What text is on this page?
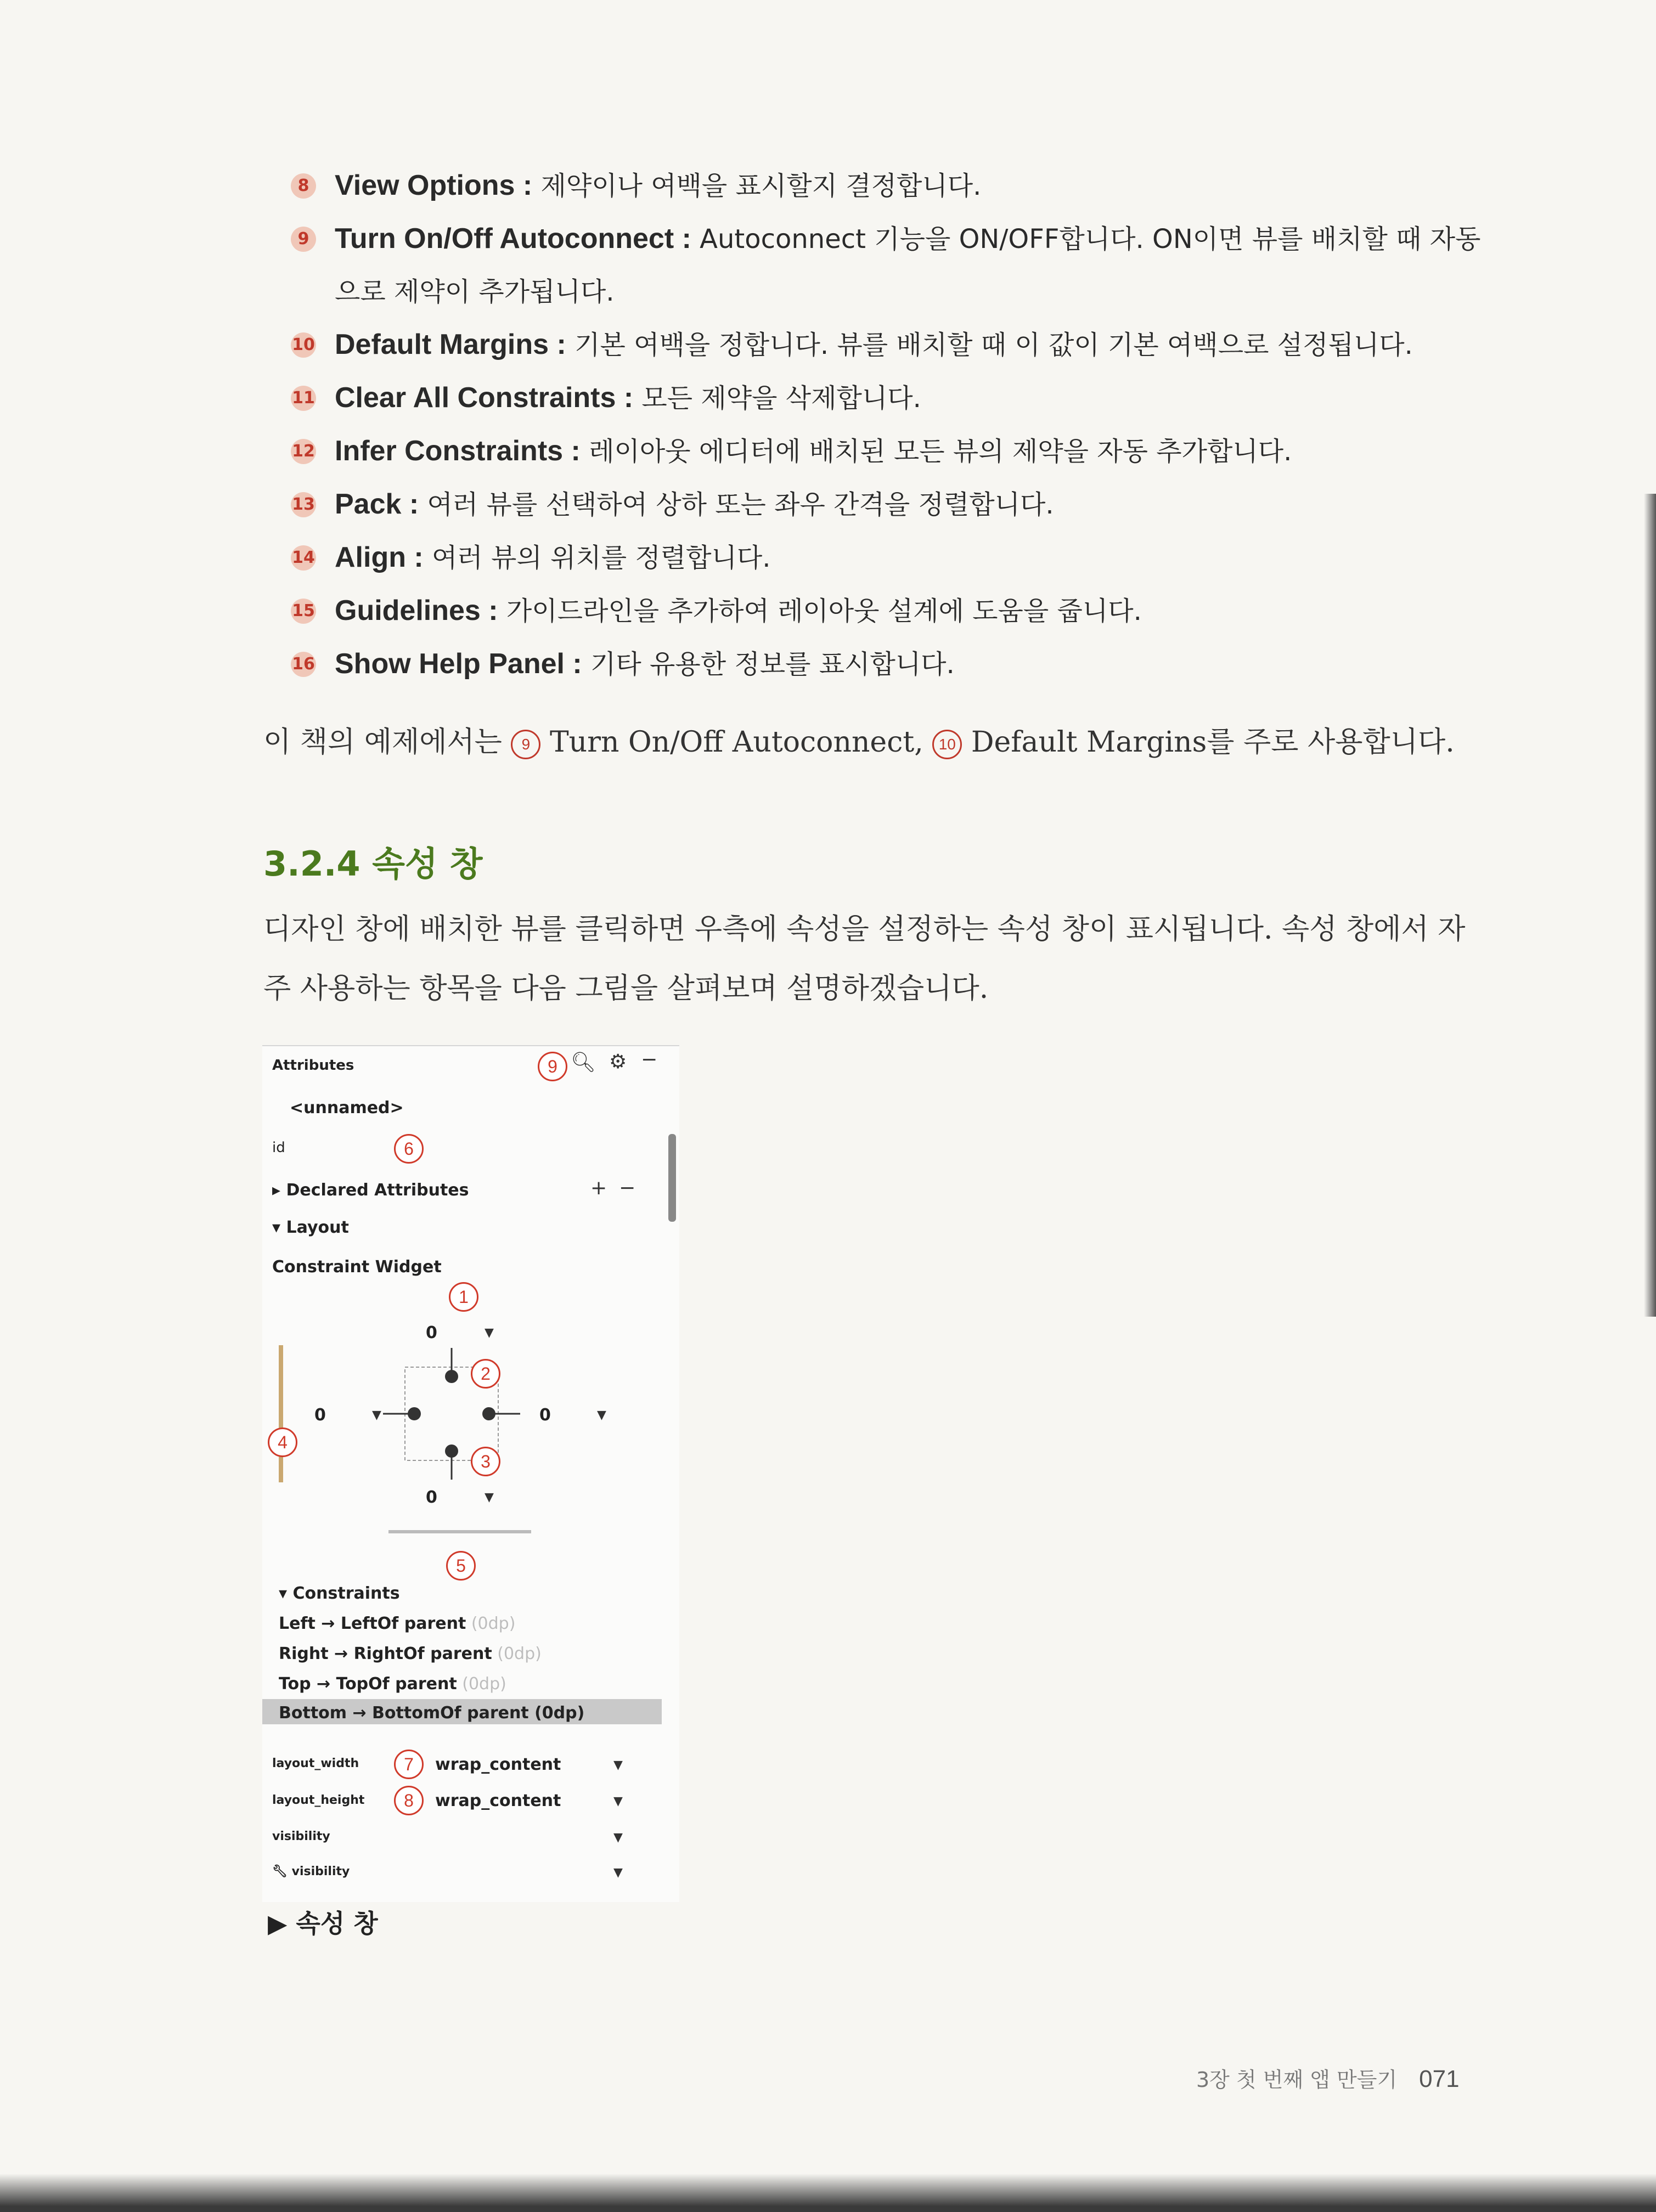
8 View Options : 제약이나 여백을 표시할지 결정합니다.

9 Turn On/Off Autoconnect : Autoconnect 기능을 ON/OFF합니다. ON이면 뷰를 배치할 때 자동으로 제약이 추가됩니다.

10 Default Margins : 기본 여백을 정합니다. 뷰를 배치할 때 이 값이 기본 여백으로 설정됩니다.

11 Clear All Constraints : 모든 제약을 삭제합니다.

12 Infer Constraints : 레이아웃 에디터에 배치된 모든 뷰의 제약을 자동 추가합니다.

13 Pack : 여러 뷰를 선택하여 상하 또는 좌우 간격을 정렬합니다.

14 Align : 여러 뷰의 위치를 정렬합니다.

15 Guidelines : 가이드라인을 추가하여 레이아웃 설계에 도움을 줍니다.

16 Show Help Panel : 기타 유용한 정보를 표시합니다.

이 책의 예제에서는 9 Turn On/Off Autoconnect, 10 Default Margins를 주로 사용합니다.
3.2.4 속성 창
디자인 창에 배치한 뷰를 클릭하면 우측에 속성을 설정하는 속성 창이 표시됩니다. 속성 창에서 자주 사용하는 항목을 다음 그림을 살펴보며 설명하겠습니다.
Attributes	9 🔍︎ ⚙ −
<unnamed>
id	6
▸ Declared Attributes	+ −
▾ Layout
Constraint Widget
1
0	▼
2
3
4
0	▼	0	▼
0	▼
5
▾ Constraints
Left → LeftOf parent (0dp)
Right → RightOf parent (0dp)
Top → TopOf parent (0dp)
Bottom → BottomOf parent (0dp)
layout_width	7	wrap_content	▼
layout_height	8	wrap_content	▼
visibility	▼
🔧︎ visibility	▼
▶ 속성 창
3장 첫 번째 앱 만들기 071
